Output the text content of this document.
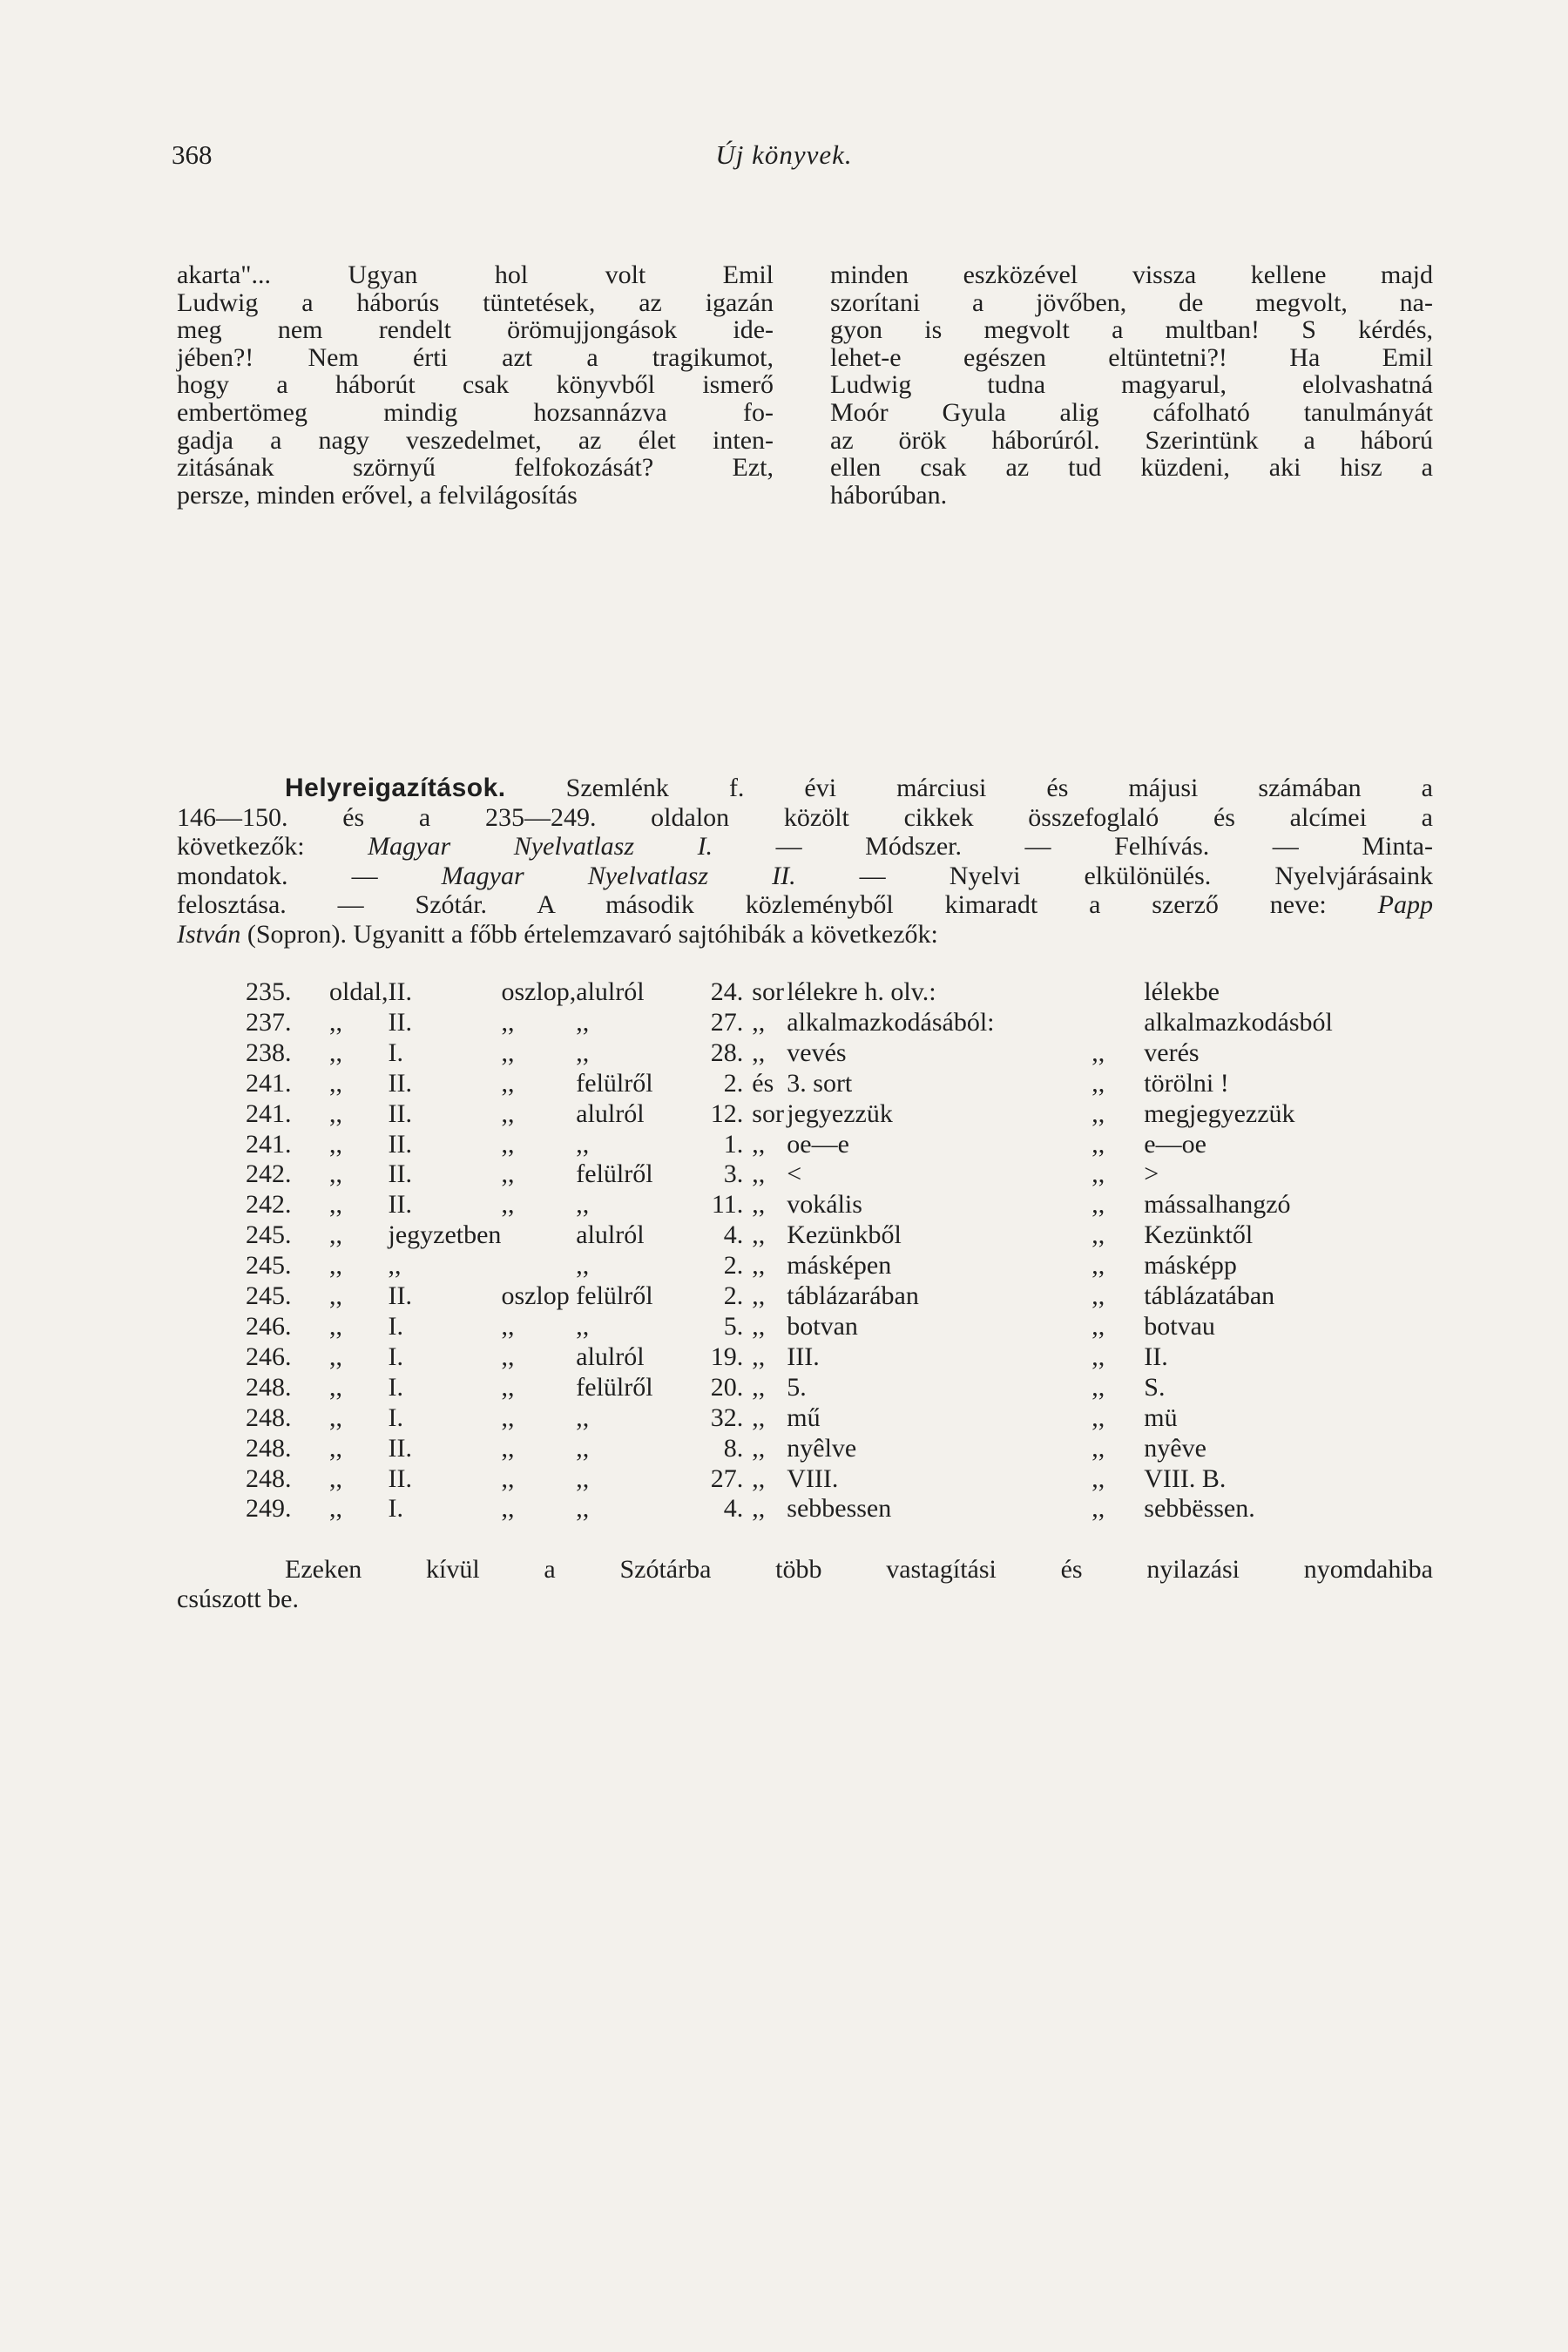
368	Új könyvek.

akarta"... Ugyan hol volt Emil

Ludwig a háborús tüntetések, az igazán

meg nem rendelt örömujjongások ide-

jében?! Nem érti azt a tragikumot,

hogy a háborút csak könyvből ismerő

embertömeg mindig hozsannázva fo-

gadja a nagy veszedelmet, az élet inten-

zitásának szörnyű felfokozását? Ezt,

persze, minden erővel, a felvilágosítás

minden eszközével vissza kellene majd

szorítani a jövőben, de megvolt, na-

gyon is megvolt a multban! S kérdés,

lehet-e egészen eltüntetni?! Ha Emil

Ludwig tudna magyarul, elolvashatná

Moór Gyula alig cáfolható tanulmányát

az örök háborúról. Szerintünk a háború

ellen csak az tud küzdeni, aki hisz a

háborúban.

Helyreigazítások. Szemlénk f. évi márciusi és májusi számában a

146—150. és a 235—249. oldalon közölt cikkek összefoglaló és alcímei a

következők: Magyar Nyelvatlasz I. — Módszer. — Felhívás. — Minta-

mondatok. — Magyar Nyelvatlasz II. — Nyelvi elkülönülés. Nyelvjárásaink

felosztása. — Szótár. A második közleményből kimaradt a szerző neve: Papp

István (Sopron). Ugyanitt a főbb értelemzavaró sajtóhibák a következők:

235.	oldal,	II.	oszlop,	alulról	24.	sor	lélekre h. olv.:		lélekbe
237.	,,	II.	,,	,,	27.	,,	alkalmazkodásából:		alkalmazkodásból
238.	,,	I.	,,	,,	28.	,,	vevés	,,	verés
241.	,,	II.	,,	felülről	2.	és	3. sort	,,	törölni !
241.	,,	II.	,,	alulról	12.	sor	jegyezzük	,,	megjegyezzük
241.	,,	II.	,,	,,	1.	,,	oe—e	,,	e—oe
242.	,,	II.	,,	felülről	3.	,,	<	,,	>
242.	,,	II.	,,	,,	11.	,,	vokális	,,	mássalhangzó
245.	,,	jegyzetben		alulról	4.	,,	Kezünkből	,,	Kezünktől
245.	,,	,,		,,	2.	,,	másképen	,,	másképp
245.	,,	II.	oszlop	felülről	2.	,,	táblázarában	,,	táblázatában
246.	,,	I.	,,	,,	5.	,,	botvan	,,	botvau
246.	,,	I.	,,	alulról	19.	,,	III.	,,	II.
248.	,,	I.	,,	felülről	20.	,,	5.	,,	S.
248.	,,	I.	,,	,,	32.	,,	mű	,,	mü
248.	,,	II.	,,	,,	8.	,,	nyêlve	,,	nyêve
248.	,,	II.	,,	,,	27.	,,	VIII.	,,	VIII. B.
249.	,,	I.	,,	,,	4.	,,	sebbessen	,,	sebbëssen.

Ezeken kívül a Szótárba több vastagítási és nyilazási nyomdahiba

csúszott be.
